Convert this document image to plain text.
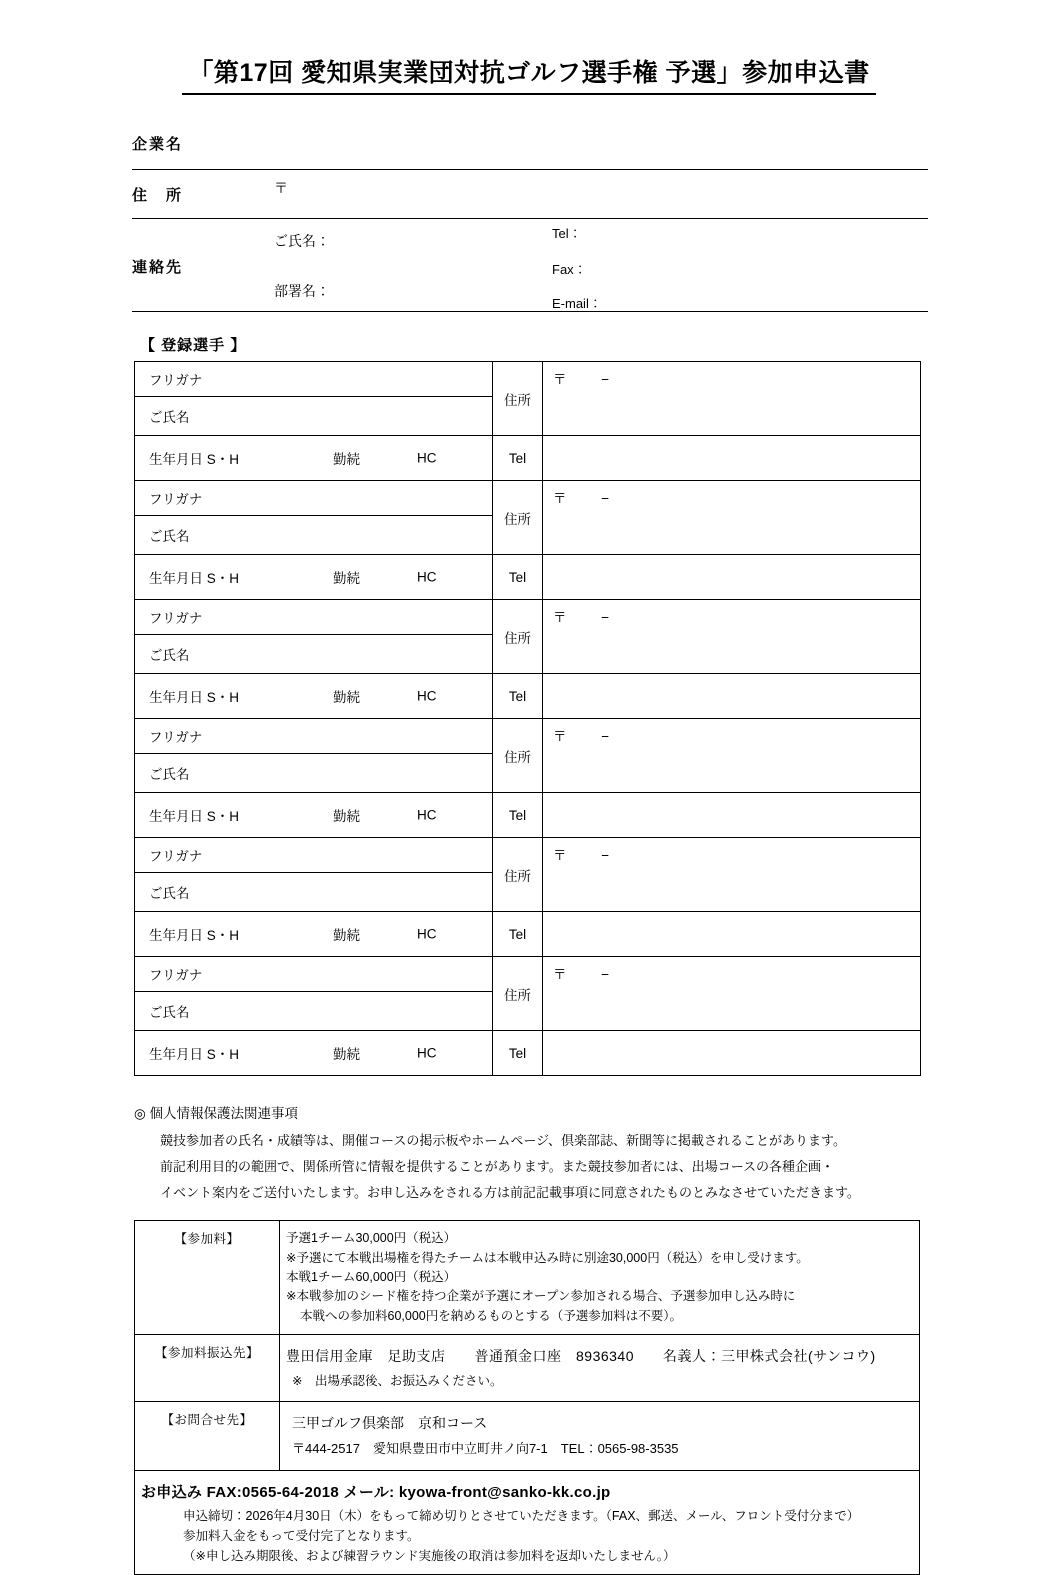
「第17回 愛知県実業団対抗ゴルフ選手権 予選」参加申込書
企業名
住　所	〒
連絡先
ご氏名：
部署名：
Tel：
Fax：
E-mail：
【 登録選手 】
フリガナ	住所	〒　　 −

ご氏名		
生年月日 S・H 勤続 HC	Tel	
フリガナ	住所	〒　　 −

ご氏名		
生年月日 S・H 勤続 HC	Tel	
フリガナ	住所	〒　　 −

ご氏名		
生年月日 S・H 勤続 HC	Tel	
フリガナ	住所	〒　　 −

ご氏名		
生年月日 S・H 勤続 HC	Tel	
フリガナ	住所	〒　　 −

ご氏名		
生年月日 S・H 勤続 HC	Tel	
フリガナ	住所	〒　　 −

ご氏名		
生年月日 S・H 勤続 HC	Tel	
◎ 個人情報保護法関連事項
競技参加者の氏名・成績等は、開催コースの掲示板やホームページ、倶楽部誌、新聞等に掲載されることがあります。
前記利用目的の範囲で、関係所管に情報を提供することがあります。また競技参加者には、出場コースの各種企画・
イベント案内をご送付いたします。お申し込みをされる方は前記記載事項に同意されたものとみなさせていただきます。
【参加料】	予選1チーム30,000円（税込）
※予選にて本戦出場権を得たチームは本戦申込み時に別途30,000円（税込）を申し受けます。
本戦1チーム60,000円（税込）
※本戦参加のシード権を持つ企業が予選にオープン参加される場合、予選参加申し込み時に
本戦への参加料60,000円を納めるものとする（予選参加料は不要）。

【参加料振込先】	豊田信用金庫　足助支店　　普通預金口座　8936340　　名義人：三甲株式会社(サンコウ)
※　出場承認後、お振込みください。

【お問合せ先】	三甲ゴルフ倶楽部　京和コース
〒444-2517　愛知県豊田市中立町井ノ向7-1　TEL：0565-98-3535

お申込み FAX:0565-64-2018 メール: kyowa-front@sanko-kk.co.jp
申込締切：2026年4月30日（木）をもって締め切りとさせていただきます。（FAX、郵送、メール、フロント受付分まで）
参加料入金をもって受付完了となります。
（※申し込み期限後、および練習ラウンド実施後の取消は参加料を返却いたしません。）	
